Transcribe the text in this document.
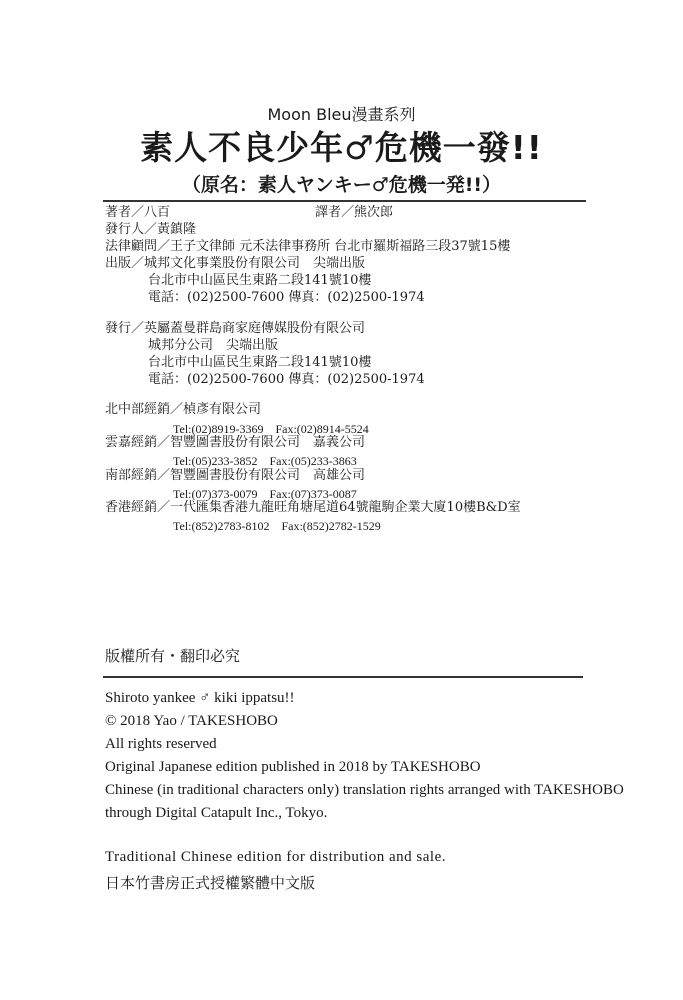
Moon Bleu漫畫系列
素人不良少年♂危機一發!!
（原名：素人ヤンキー♂危機一発!!）
著者／八百	譯者／熊次郎
發行人／黃鎮隆
法律顧問／王子文律師 元禾法律事務所 台北市羅斯福路三段37號15樓
出版／城邦文化事業股份有限公司　尖端出版
台北市中山區民生東路二段141號10樓
電話：(02)2500-7600 傳真：(02)2500-1974
發行／英屬蓋曼群島商家庭傳媒股份有限公司
城邦分公司　尖端出版
台北市中山區民生東路二段141號10樓
電話：(02)2500-7600 傳真：(02)2500-1974
北中部經銷／楨彥有限公司
Tel:(02)8919-3369　Fax:(02)8914-5524
雲嘉經銷／智豐圖書股份有限公司　嘉義公司
Tel:(05)233-3852　Fax:(05)233-3863
南部經銷／智豐圖書股份有限公司　高雄公司
Tel:(07)373-0079　Fax:(07)373-0087
香港經銷／一代匯集香港九龍旺角塘尾道64號龍駒企業大廈10樓B&D室
Tel:(852)2783-8102　Fax:(852)2782-1529
版權所有・翻印必究
Shiroto yankee ♂ kiki ippatsu!!
© 2018 Yao / TAKESHOBO
All rights reserved
Original Japanese edition published in 2018 by TAKESHOBO
Chinese (in traditional characters only) translation rights arranged with TAKESHOBO
through Digital Catapult Inc., Tokyo.
Traditional Chinese edition for distribution and sale.
日本竹書房正式授權繁體中文版
